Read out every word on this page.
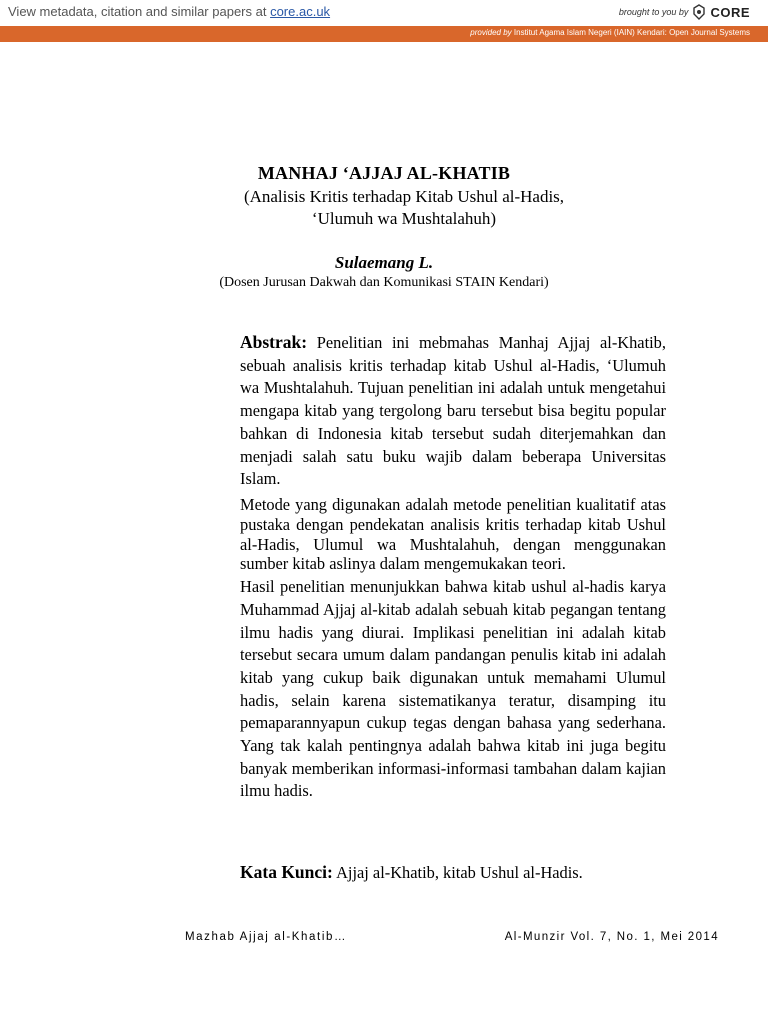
View metadata, citation and similar papers at core.ac.uk	brought to you by CORE
provided by Institut Agama Islam Negeri (IAIN) Kendari: Open Journal Systems
MANHAJ ‘AJJAJ AL-KHATIB
(Analisis Kritis terhadap Kitab Ushul al-Hadis, ‘Ulumuh wa Mushtalahuh)
Sulaemang L.
(Dosen Jurusan Dakwah dan Komunikasi STAIN Kendari)

Abstrak: Penelitian ini mebmahas Manhaj Ajjaj al-Khatib, sebuah analisis kritis terhadap kitab Ushul al-Hadis, ‘Ulumuh wa Mushtalahuh. Tujuan penelitian ini adalah untuk mengetahui mengapa kitab yang tergolong baru tersebut bisa begitu popular bahkan di Indonesia kitab tersebut sudah diterjemahkan dan menjadi salah satu buku wajib dalam beberapa Universitas Islam.

Metode yang digunakan adalah metode penelitian kualitatif atas pustaka dengan pendekatan analisis kritis terhadap kitab Ushul al-Hadis, Ulumul wa Mushtalahuh, dengan menggunakan sumber kitab aslinya dalam mengemukakan teori.

Hasil penelitian menunjukkan bahwa kitab ushul al-hadis karya Muhammad Ajjaj al-kitab adalah sebuah kitab pegangan tentang ilmu hadis yang diurai. Implikasi penelitian ini adalah kitab tersebut secara umum dalam pandangan penulis kitab ini adalah kitab yang cukup baik digunakan untuk memahami Ulumul hadis, selain karena sistematikanya teratur, disamping itu pemaparannyapun cukup tegas dengan bahasa yang sederhana. Yang tak kalah pentingnya adalah bahwa kitab ini juga begitu banyak memberikan informasi-informasi tambahan dalam kajian ilmu hadis.

Kata Kunci: Ajjaj al-Khatib, kitab Ushul al-Hadis.
Mazhab Ajjaj al-Khatib…	Al-Munzir Vol. 7, No. 1, Mei 2014
